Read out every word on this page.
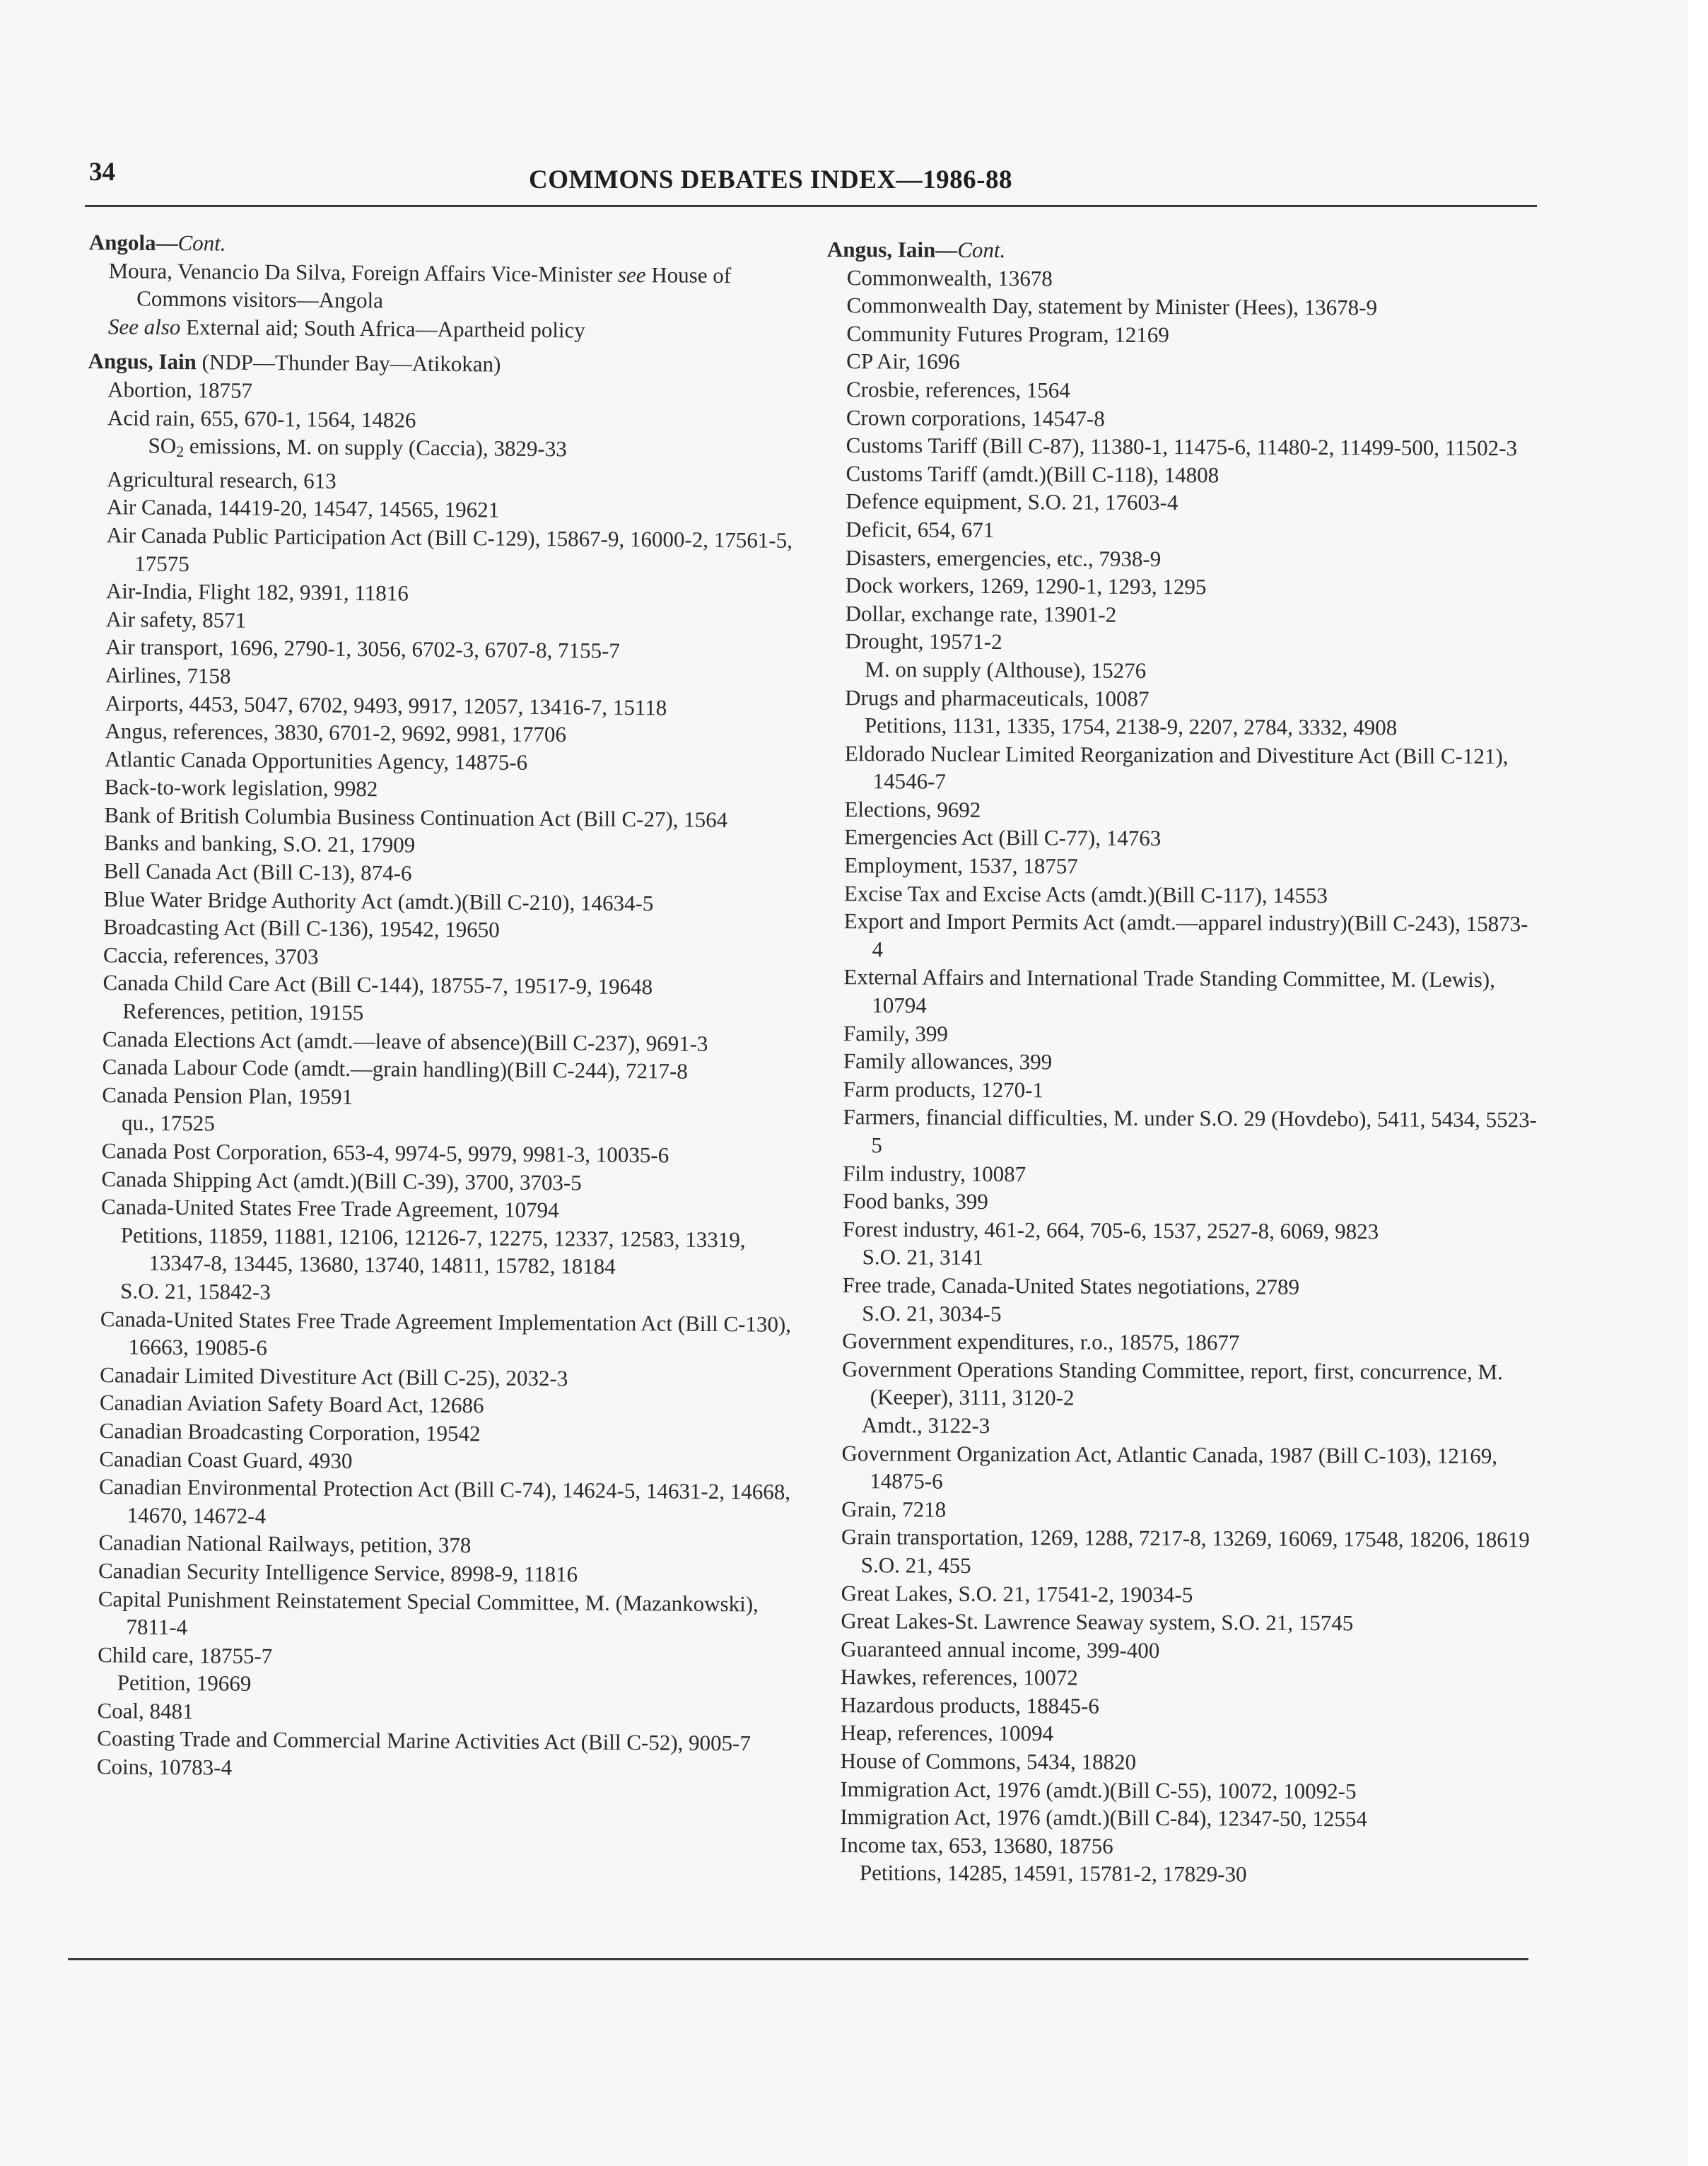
34	COMMONS DEBATES INDEX—1986-88
Angola—Cont.
Moura, Venancio Da Silva, Foreign Affairs Vice-Minister see House of Commons visitors—Angola
See also External aid; South Africa—Apartheid policy
Angus, Iain (NDP—Thunder Bay—Atikokan)
Abortion, 18757
Acid rain, 655, 670-1, 1564, 14826
$SO_2$ emissions, M. on supply (Caccia), 3829-33
Agricultural research, 613
Air Canada, 14419-20, 14547, 14565, 19621
Air Canada Public Participation Act (Bill C-129), 15867-9, 16000-2, 17561-5, 17575
Air-India, Flight 182, 9391, 11816
Air safety, 8571
Air transport, 1696, 2790-1, 3056, 6702-3, 6707-8, 7155-7
Airlines, 7158
Airports, 4453, 5047, 6702, 9493, 9917, 12057, 13416-7, 15118
Angus, references, 3830, 6701-2, 9692, 9981, 17706
Atlantic Canada Opportunities Agency, 14875-6
Back-to-work legislation, 9982
Bank of British Columbia Business Continuation Act (Bill C-27), 1564
Banks and banking, S.O. 21, 17909
Bell Canada Act (Bill C-13), 874-6
Blue Water Bridge Authority Act (amdt.)(Bill C-210), 14634-5
Broadcasting Act (Bill C-136), 19542, 19650
Caccia, references, 3703
Canada Child Care Act (Bill C-144), 18755-7, 19517-9, 19648
References, petition, 19155
Canada Elections Act (amdt.—leave of absence)(Bill C-237), 9691-3
Canada Labour Code (amdt.—grain handling)(Bill C-244), 7217-8
Canada Pension Plan, 19591
qu., 17525
Canada Post Corporation, 653-4, 9974-5, 9979, 9981-3, 10035-6
Canada Shipping Act (amdt.)(Bill C-39), 3700, 3703-5
Canada-United States Free Trade Agreement, 10794
Petitions, 11859, 11881, 12106, 12126-7, 12275, 12337, 12583, 13319, 13347-8, 13445, 13680, 13740, 14811, 15782, 18184
S.O. 21, 15842-3
Canada-United States Free Trade Agreement Implementation Act (Bill C-130), 16663, 19085-6
Canadair Limited Divestiture Act (Bill C-25), 2032-3
Canadian Aviation Safety Board Act, 12686
Canadian Broadcasting Corporation, 19542
Canadian Coast Guard, 4930
Canadian Environmental Protection Act (Bill C-74), 14624-5, 14631-2, 14668, 14670, 14672-4
Canadian National Railways, petition, 378
Canadian Security Intelligence Service, 8998-9, 11816
Capital Punishment Reinstatement Special Committee, M. (Mazankowski), 7811-4
Child care, 18755-7
Petition, 19669
Coal, 8481
Coasting Trade and Commercial Marine Activities Act (Bill C-52), 9005-7
Coins, 10783-4
Angus, Iain—Cont.
Commonwealth, 13678
Commonwealth Day, statement by Minister (Hees), 13678-9
Community Futures Program, 12169
CP Air, 1696
Crosbie, references, 1564
Crown corporations, 14547-8
Customs Tariff (Bill C-87), 11380-1, 11475-6, 11480-2, 11499-500, 11502-3
Customs Tariff (amdt.)(Bill C-118), 14808
Defence equipment, S.O. 21, 17603-4
Deficit, 654, 671
Disasters, emergencies, etc., 7938-9
Dock workers, 1269, 1290-1, 1293, 1295
Dollar, exchange rate, 13901-2
Drought, 19571-2
M. on supply (Althouse), 15276
Drugs and pharmaceuticals, 10087
Petitions, 1131, 1335, 1754, 2138-9, 2207, 2784, 3332, 4908
Eldorado Nuclear Limited Reorganization and Divestiture Act (Bill C-121), 14546-7
Elections, 9692
Emergencies Act (Bill C-77), 14763
Employment, 1537, 18757
Excise Tax and Excise Acts (amdt.)(Bill C-117), 14553
Export and Import Permits Act (amdt.—apparel industry)(Bill C-243), 15873-4
External Affairs and International Trade Standing Committee, M. (Lewis), 10794
Family, 399
Family allowances, 399
Farm products, 1270-1
Farmers, financial difficulties, M. under S.O. 29 (Hovdebo), 5411, 5434, 5523-5
Film industry, 10087
Food banks, 399
Forest industry, 461-2, 664, 705-6, 1537, 2527-8, 6069, 9823
S.O. 21, 3141
Free trade, Canada-United States negotiations, 2789
S.O. 21, 3034-5
Government expenditures, r.o., 18575, 18677
Government Operations Standing Committee, report, first, concurrence, M. (Keeper), 3111, 3120-2
Amdt., 3122-3
Government Organization Act, Atlantic Canada, 1987 (Bill C-103), 12169, 14875-6
Grain, 7218
Grain transportation, 1269, 1288, 7217-8, 13269, 16069, 17548, 18206, 18619
S.O. 21, 455
Great Lakes, S.O. 21, 17541-2, 19034-5
Great Lakes-St. Lawrence Seaway system, S.O. 21, 15745
Guaranteed annual income, 399-400
Hawkes, references, 10072
Hazardous products, 18845-6
Heap, references, 10094
House of Commons, 5434, 18820
Immigration Act, 1976 (amdt.)(Bill C-55), 10072, 10092-5
Immigration Act, 1976 (amdt.)(Bill C-84), 12347-50, 12554
Income tax, 653, 13680, 18756
Petitions, 14285, 14591, 15781-2, 17829-30
